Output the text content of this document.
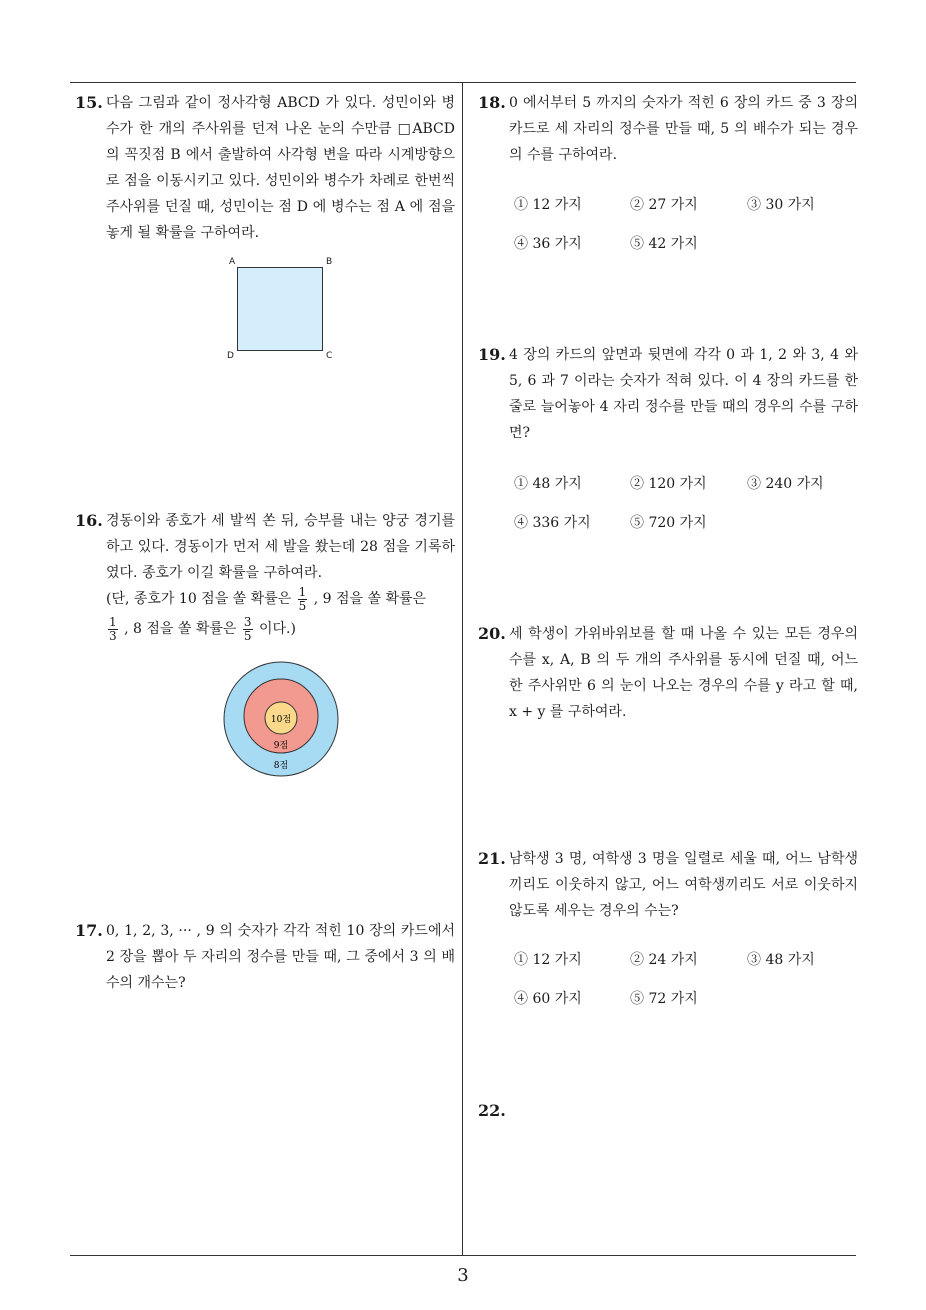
15. 다음 그림과 같이 정사각형 ABCD 가 있다. 성민이와 병수가 한 개의 주사위를 던져 나온 눈의 수만큼 □ABCD 의 꼭짓점 B 에서 출발하여 사각형 변을 따라 시계방향으로 점을 이동시키고 있다. 성민이와 병수가 차례로 한번씩 주사위를 던질 때, 성민이는 점 D 에 병수는 점 A 에 점을 놓게 될 확률을 구하여라.
A	B
D	C
16. 경동이와 종호가 세 발씩 쏜 뒤, 승부를 내는 양궁 경기를 하고 있다. 경동이가 먼저 세 발을 쐈는데 28 점을 기록하였다. 종호가 이길 확률을 구하여라.
(단, 종호가 10 점을 쏠 확률은 $\frac{1}{5}$ , 9 점을 쏠 확률은

$\frac{1}{3}$ , 8 점을 쏠 확률은 $\frac{3}{5}$ 이다.)
10점
9점
8점
17. 0, 1, 2, 3, ··· , 9 의 숫자가 각각 적힌 10 장의 카드에서 2 장을 뽑아 두 자리의 정수를 만들 때, 그 중에서 3 의 배수의 개수는?
18. 0 에서부터 5 까지의 숫자가 적힌 6 장의 카드 중 3 장의 카드로 세 자리의 정수를 만들 때, 5 의 배수가 되는 경우의 수를 구하여라.
① 12 가지	② 27 가지	③ 30 가지
④ 36 가지	⑤ 42 가지
19. 4 장의 카드의 앞면과 뒷면에 각각 0 과 1, 2 와 3, 4 와 5, 6 과 7 이라는 숫자가 적혀 있다. 이 4 장의 카드를 한 줄로 늘어놓아 4 자리 정수를 만들 때의 경우의 수를 구하면?
① 48 가지	② 120 가지	③ 240 가지
④ 336 가지	⑤ 720 가지
20. 세 학생이 가위바위보를 할 때 나올 수 있는 모든 경우의 수를 x, A, B 의 두 개의 주사위를 동시에 던질 때, 어느 한 주사위만 6 의 눈이 나오는 경우의 수를 y 라고 할 때, x + y 를 구하여라.
21. 남학생 3 명, 여학생 3 명을 일렬로 세울 때, 어느 남학생끼리도 이웃하지 않고, 어느 여학생끼리도 서로 이웃하지 않도록 세우는 경우의 수는?
① 12 가지	② 24 가지	③ 48 가지
④ 60 가지	⑤ 72 가지
22.
3
